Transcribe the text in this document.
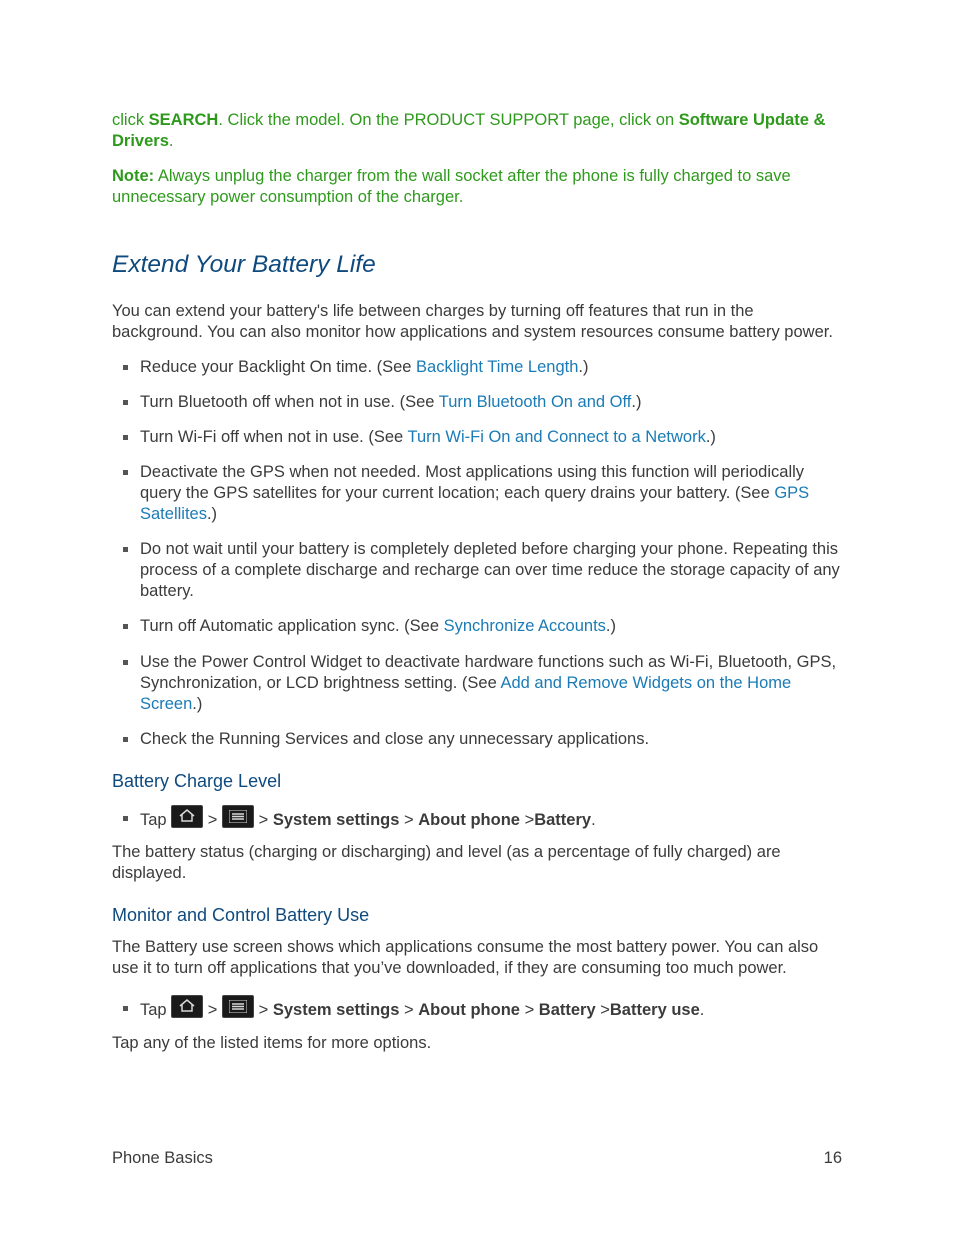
click SEARCH. Click the model. On the PRODUCT SUPPORT page, click on Software Update & Drivers.

Note: Always unplug the charger from the wall socket after the phone is fully charged to save unnecessary power consumption of the charger.

Extend Your Battery Life

You can extend your battery's life between charges by turning off features that run in the background. You can also monitor how applications and system resources consume battery power.

Reduce your Backlight On time. (See Backlight Time Length.)
Turn Bluetooth off when not in use. (See Turn Bluetooth On and Off.)
Turn Wi-Fi off when not in use. (See Turn Wi-Fi On and Connect to a Network.)
Deactivate the GPS when not needed. Most applications using this function will periodically query the GPS satellites for your current location; each query drains your battery. (See GPS Satellites.)
Do not wait until your battery is completely depleted before charging your phone. Repeating this process of a complete discharge and recharge can over time reduce the storage capacity of any battery.
Turn off Automatic application sync. (See Synchronize Accounts.)
Use the Power Control Widget to deactivate hardware functions such as Wi-Fi, Bluetooth, GPS, Synchronization, or LCD brightness setting. (See Add and Remove Widgets on the Home Screen.)
Check the Running Services and close any unnecessary applications.
Battery Charge Level
Tap > > System settings > About phone >Battery.

The battery status (charging or discharging) and level (as a percentage of fully charged) are displayed.

Monitor and Control Battery Use

The Battery use screen shows which applications consume the most battery power. You can also use it to turn off applications that you’ve downloaded, if they are consuming too much power.

Tap > > System settings > About phone > Battery >Battery use.

Tap any of the listed items for more options.

Phone Basics	16
